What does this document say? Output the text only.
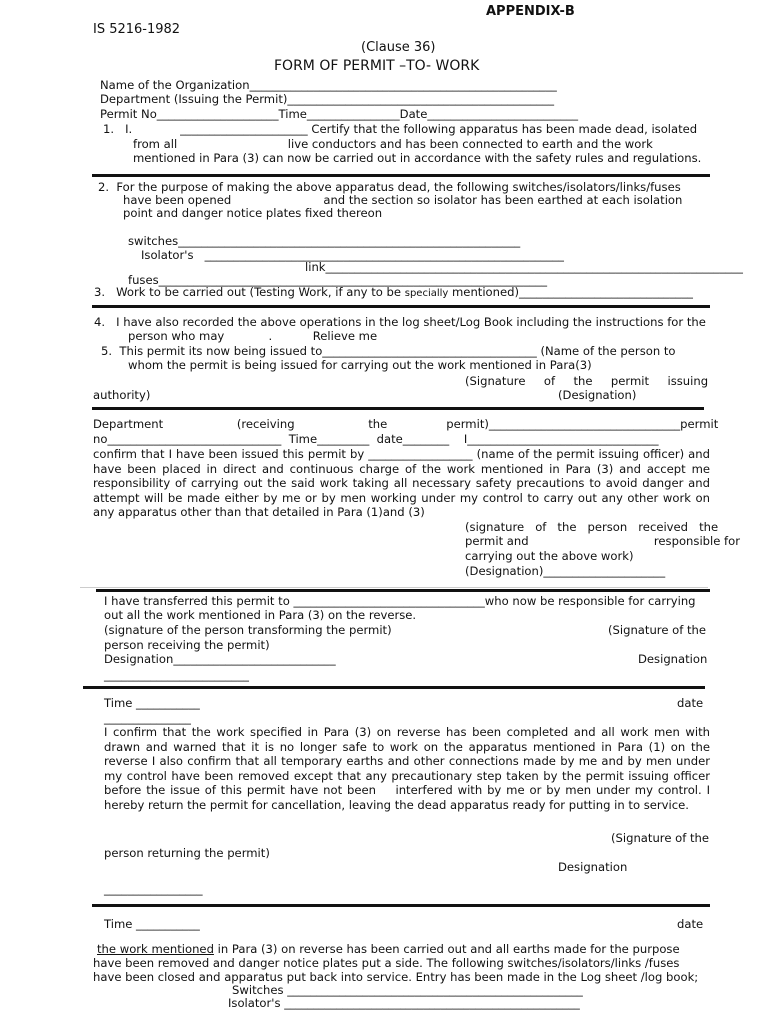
APPENDIX-B
IS 5216-1982
(Clause 36)
FORM OF PERMIT –TO- WORK
Name of the Organization_____________________________________________________
Department (Issuing the Permit)______________________________________________
Permit No_____________________Time________________Date__________________________
1.   I.             ______________________ Certify that the following apparatus has been made dead, isolated
from all                              live conductors and has been connected to earth and the work
mentioned in Para (3) can now be carried out in accordance with the safety rules and regulations.
2.  For the purpose of making the above apparatus dead, the following switches/isolators/links/fuses
have been opened                         and the section so isolator has been earthed at each isolation
point and danger notice plates fixed thereon
switches___________________________________________________________
Isolator's   ______________________________________________________________
link________________________________________________________________________
fuses___________________________________________________________________
3.   Work to be carried out (Testing Work, if any to be specially mentioned)______________________________
4.   I have also recorded the above operations in the log sheet/Log Book including the instructions for the
person who may            .           Relieve me
5.  This permit its now being issued to_____________________________________ (Name of the person to
whom the permit is being issued for carrying out the work mentioned in Para(3)
(Signature     of     the     permit     issuing
authority)	(Designation)
Department                    (receiving                    the                permit)_________________________________permit
no______________________________  Time_________  date________    I_________________________________
confirm that I have been issued this permit by __________________ (name of the permit issuing officer) and have been placed in direct and continuous charge of the work mentioned in Para (3) and accept me responsibility of carrying out the said work taking all necessary safety precautions to avoid danger and attempt will be made either by me or by men working under my control to carry out any other work on any apparatus other than that detailed in Para (1)and (3)
(signature   of   the   person   received   the
permit and                                  responsible for
carrying out the above work)
(Designation)_____________________
I have transferred this permit to _________________________________who now be responsible for carrying
out all the work mentioned in Para (3) on the reverse.
(signature of the person transforming the permit)	(Signature of the
person receiving the permit)
Designation____________________________	Designation
_________________________
Time ___________	date
_______________
I confirm that the work specified in Para (3) on reverse has been completed and all work men with drawn and warned that it is no longer safe to work on the apparatus mentioned in Para (1) on the reverse I also confirm that all temporary earths and other connections made by me and by men under my control have been removed except that any precautionary step taken by the permit issuing officer before the issue of this permit have not been    interfered with by me or by men under my control. I hereby return the permit for cancellation, leaving the dead apparatus ready for putting in to service.
(Signature of the
person returning the permit)
Designation
_________________
Time ___________	date
the work mentioned in Para (3) on reverse has been carried out and all earths made for the purpose
have been removed and danger notice plates put a side. The following switches/isolators/links /fuses
have been closed and apparatus put back into service. Entry has been made in the Log sheet /log book;
Switches ___________________________________________________
Isolator's ___________________________________________________
